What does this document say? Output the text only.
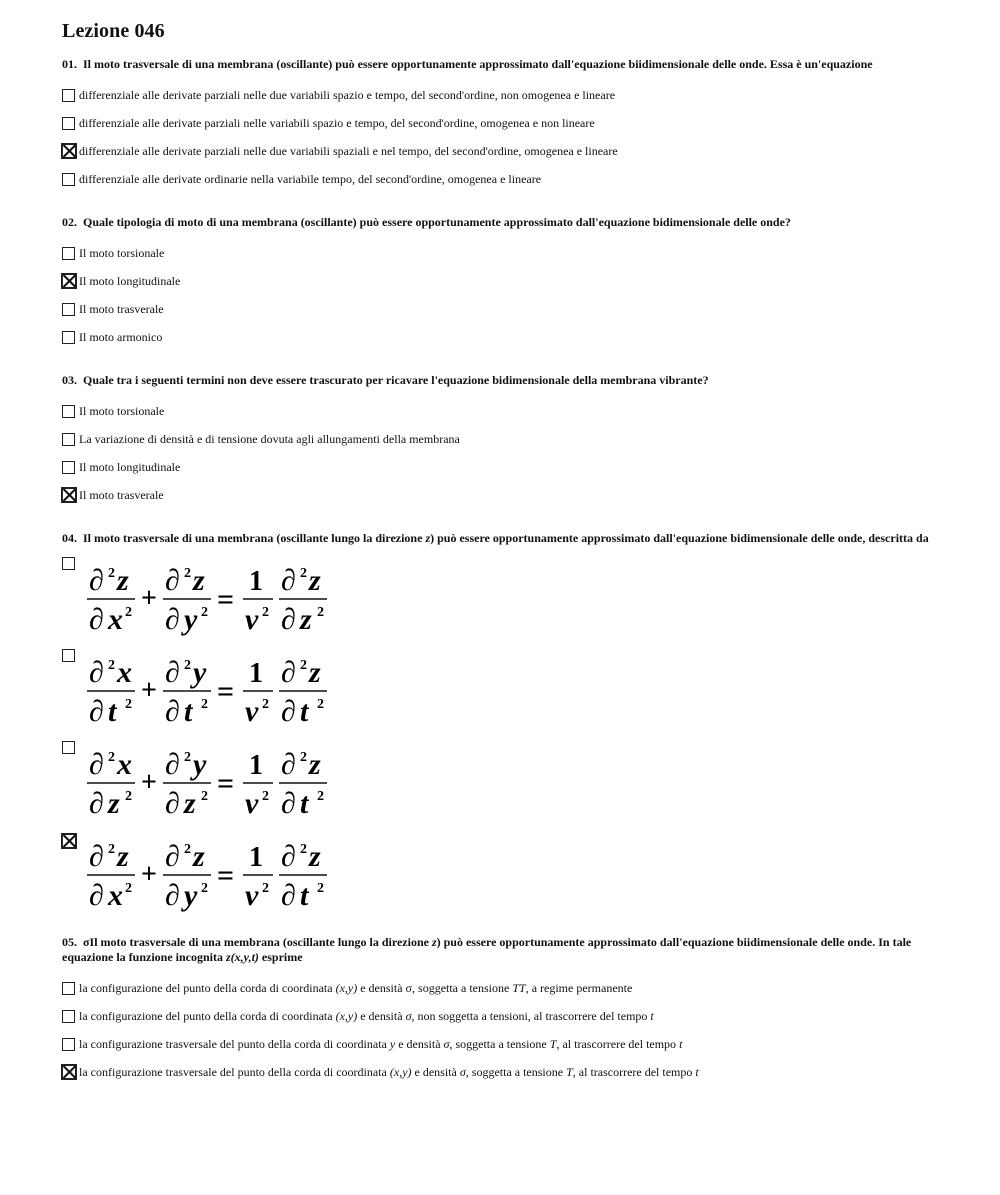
Lezione 046
01. Il moto trasversale di una membrana (oscillante) può essere opportunamente approssimato dall'equazione biidimensionale delle onde. Essa è un'equazione
differenziale alle derivate parziali nelle due variabili spazio e tempo, del second'ordine, non omogenea e lineare
differenziale alle derivate parziali nelle variabili spazio e tempo, del second'ordine, omogenea e non lineare
differenziale alle derivate parziali nelle due variabili spaziali e nel tempo, del second'ordine, omogenea e lineare
differenziale alle derivate ordinarie nella variabile tempo, del second'ordine, omogenea e lineare
02. Quale tipologia di moto di una membrana (oscillante) può essere opportunamente approssimato dall'equazione bidimensionale delle onde?
Il moto torsionale
Il moto longitudinale
Il moto trasverale
Il moto armonico
03. Quale tra i seguenti termini non deve essere trascurato per ricavare l'equazione bidimensionale della membrana vibrante?
Il moto torsionale
La variazione di densità e di tensione dovuta agli allungamenti della membrana
Il moto longitudinale
Il moto trasverale
04. Il moto trasversale di una membrana (oscillante lungo la direzione z) può essere opportunamente approssimato dall'equazione bidimensionale delle onde, descritta da
∂ 2 z
∂ x 2 +
∂ 2 z
∂ y 2 =
1
v 2
∂ 2 z
∂ z 2
∂ 2 x
∂ t 2 +
∂ 2 y
∂ t 2 =
1
v 2
∂ 2 z
∂ t 2
∂ 2 x
∂ z 2 +
∂ 2 y
∂ z 2 =
1
v 2
∂ 2 z
∂ t 2
∂ 2 z
∂ x 2 +
∂ 2 z
∂ y 2 =
1
v 2
∂ 2 z
∂ t 2
05. σIl moto trasversale di una membrana (oscillante lungo la direzione z) può essere opportunamente approssimato dall'equazione biidimensionale delle onde. In tale equazione la funzione incognita z(x,y,t) esprime
la configurazione del punto della corda di coordinata (x,y) e densità σ, soggetta a tensione TT, a regime permanente
la configurazione del punto della corda di coordinata (x,y) e densità σ, non soggetta a tensioni, al trascorrere del tempo t
la configurazione trasversale del punto della corda di coordinata y e densità σ, soggetta a tensione T, al trascorrere del tempo t
la configurazione trasversale del punto della corda di coordinata (x,y) e densità σ, soggetta a tensione T, al trascorrere del tempo t
